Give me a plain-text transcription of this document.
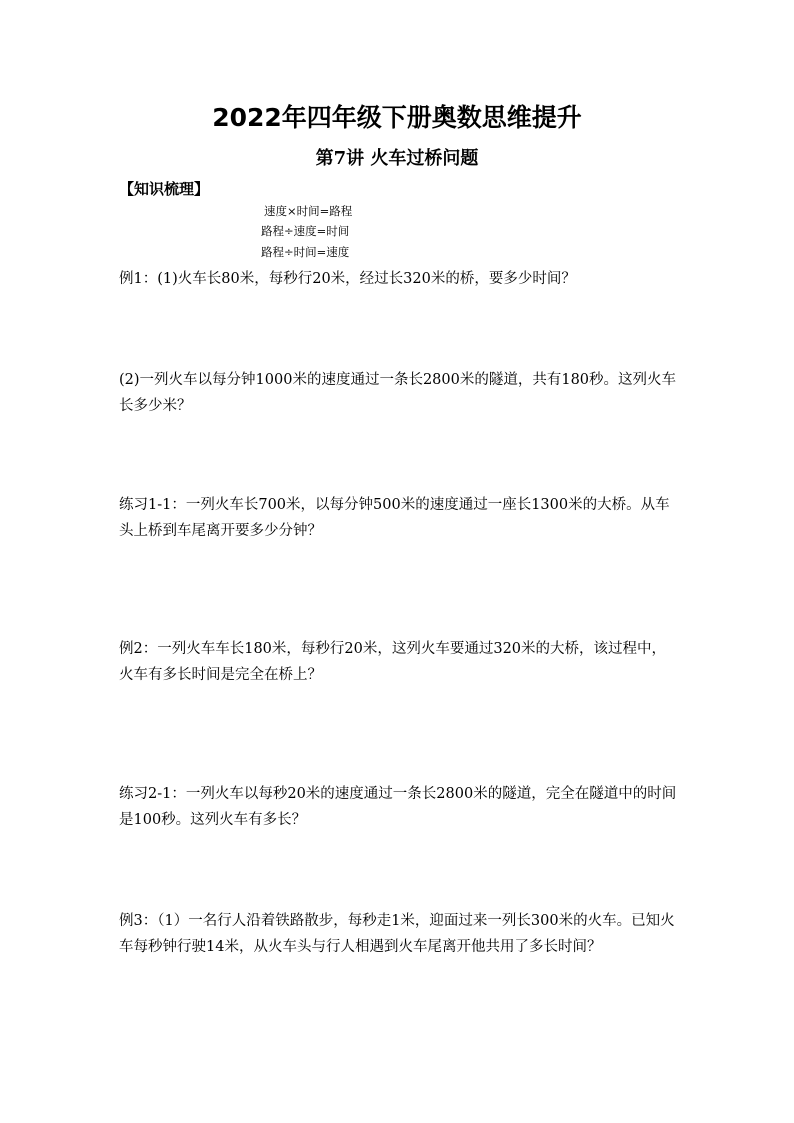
2022年四年级下册奥数思维提升
第7讲 火车过桥问题
【知识梳理】
速度×时间=路程
路程÷速度=时间
路程÷时间=速度
例1：(1)火车长80米，每秒行20米，经过长320米的桥，要多少时间？
(2)一列火车以每分钟1000米的速度通过一条长2800米的隧道，共有180秒。这列火车长多少米？
练习1-1：一列火车长700米，以每分钟500米的速度通过一座长1300米的大桥。从车头上桥到车尾离开要多少分钟？
例2：一列火车车长180米，每秒行20米，这列火车要通过320米的大桥，该过程中，火车有多长时间是完全在桥上？
练习2-1：一列火车以每秒20米的速度通过一条长2800米的隧道，完全在隧道中的时间是100秒。这列火车有多长？
例3：（1）一名行人沿着铁路散步，每秒走1米，迎面过来一列长300米的火车。已知火车每秒钟行驶14米，从火车头与行人相遇到火车尾离开他共用了多长时间？
